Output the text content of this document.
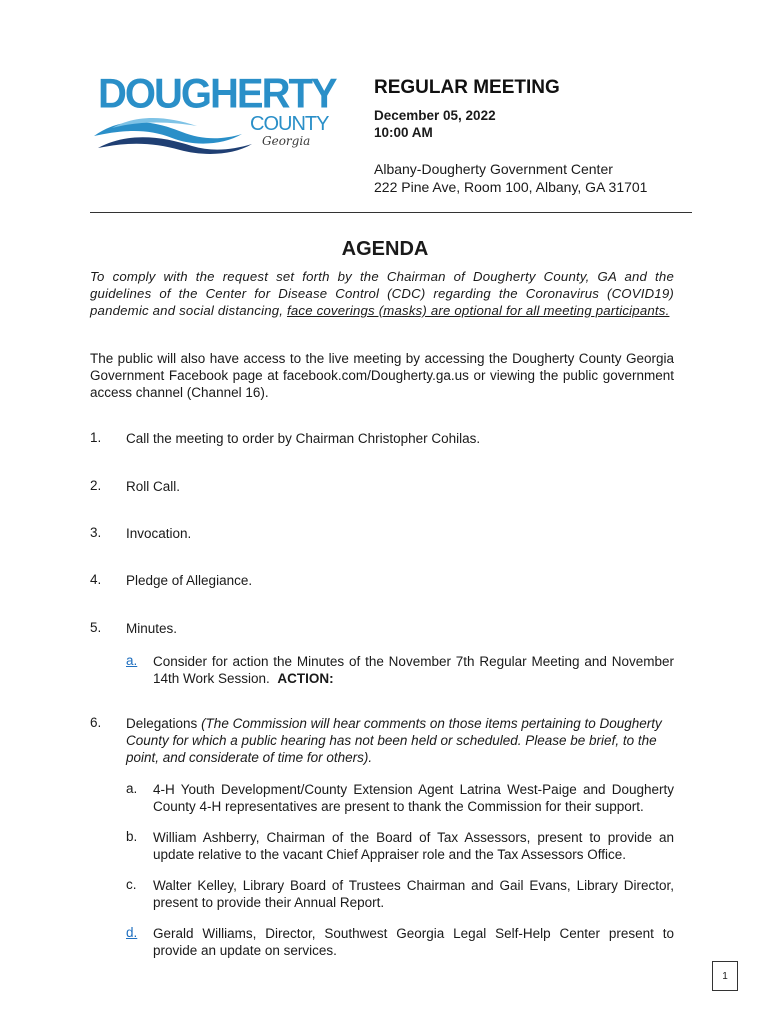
DOUGHERTY
COUNTY
Georgia
REGULAR MEETING
December 05, 2022
10:00 AM
Albany-Dougherty Government Center
222 Pine Ave, Room 100, Albany, GA 31701
AGENDA
To comply with the request set forth by the Chairman of Dougherty County, GA and the guidelines of the Center for Disease Control (CDC) regarding the Coronavirus (COVID19) pandemic and social distancing, face coverings (masks) are optional for all meeting participants.
The public will also have access to the live meeting by accessing the Dougherty County Georgia Government Facebook page at facebook.com/Dougherty.ga.us or viewing the public government access channel (Channel 16).
1. Call the meeting to order by Chairman Christopher Cohilas.
2. Roll Call.
3. Invocation.
4. Pledge of Allegiance.
5. Minutes.
a. Consider for action the Minutes of the November 7th Regular Meeting and November 14th Work Session. ACTION:
6. Delegations (The Commission will hear comments on those items pertaining to Dougherty County for which a public hearing has not been held or scheduled. Please be brief, to the point, and considerate of time for others).
a. 4-H Youth Development/County Extension Agent Latrina West-Paige and Dougherty County 4-H representatives are present to thank the Commission for their support.
b. William Ashberry, Chairman of the Board of Tax Assessors, present to provide an update relative to the vacant Chief Appraiser role and the Tax Assessors Office.
c. Walter Kelley, Library Board of Trustees Chairman and Gail Evans, Library Director, present to provide their Annual Report.
d. Gerald Williams, Director, Southwest Georgia Legal Self-Help Center present to provide an update on services.
1
